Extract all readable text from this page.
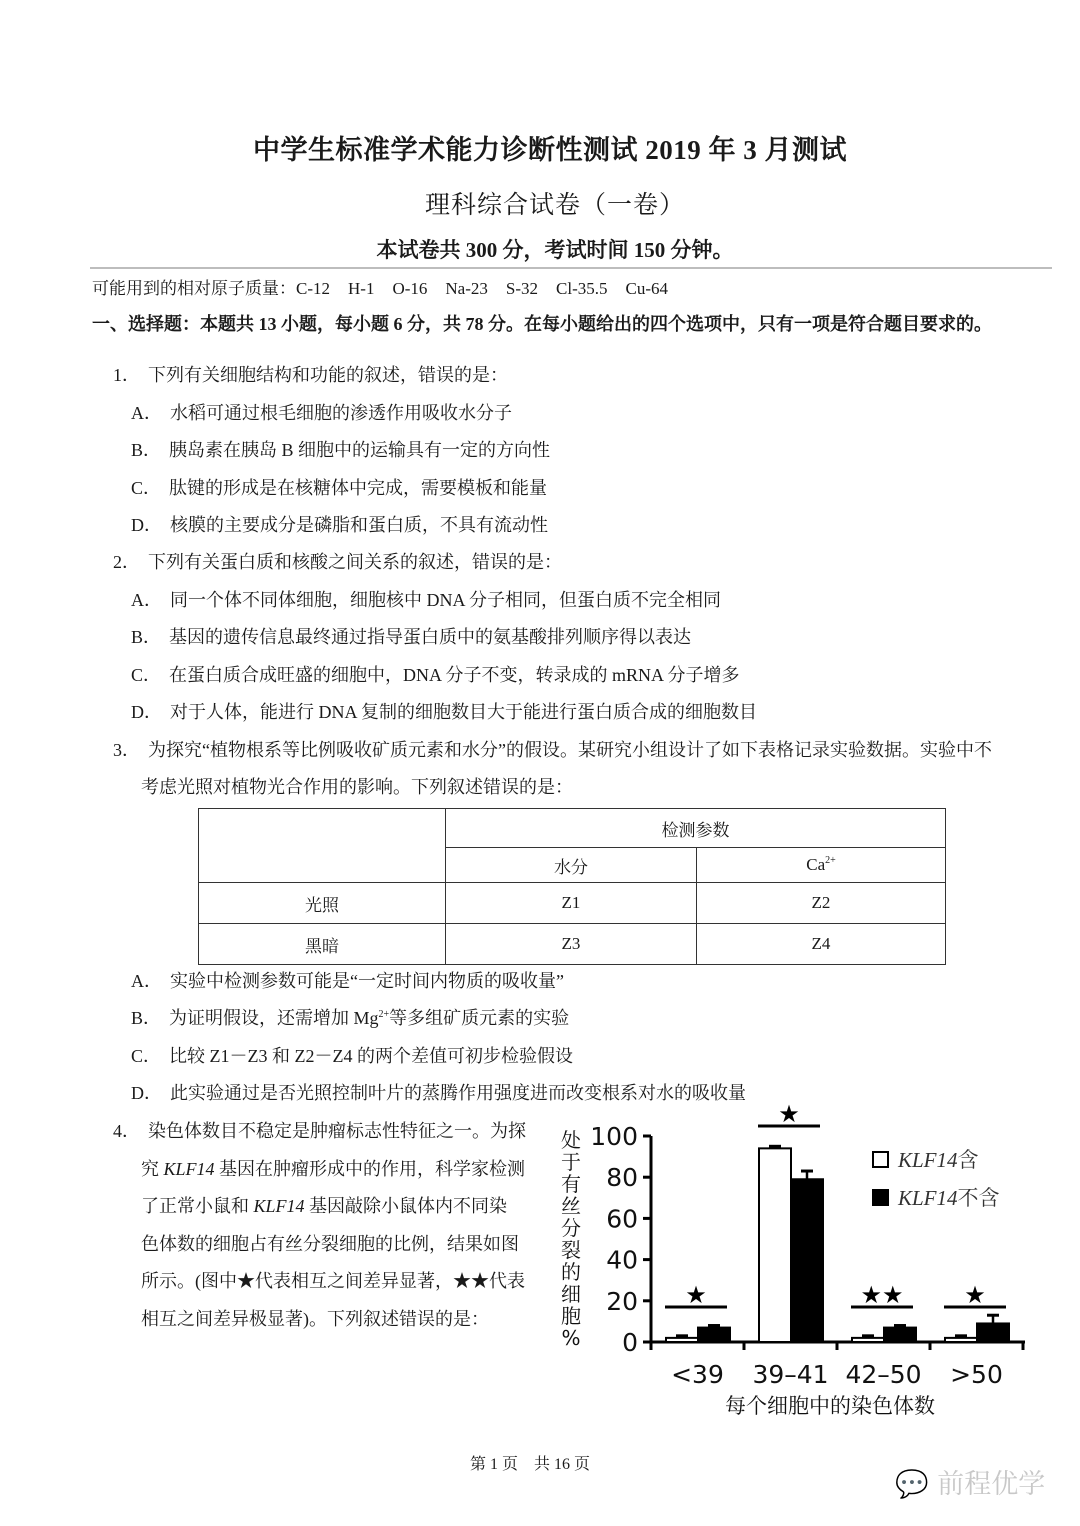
中学生标准学术能力诊断性测试 2019 年 3 月测试
理科综合试卷（一卷）
本试卷共 300 分，考试时间 150 分钟。
可能用到的相对原子质量：C-12 H-1 O-16 Na-23 S-32 Cl-35.5 Cu-64
一、选择题：本题共 13 小题，每小题 6 分，共 78 分。在每小题给出的四个选项中，只有一项是符合题目要求的。
1． 下列有关细胞结构和功能的叙述，错误的是：
A． 水稻可通过根毛细胞的渗透作用吸收水分子
B． 胰岛素在胰岛 B 细胞中的运输具有一定的方向性
C． 肽键的形成是在核糖体中完成，需要模板和能量
D． 核膜的主要成分是磷脂和蛋白质，不具有流动性
2． 下列有关蛋白质和核酸之间关系的叙述，错误的是：
A． 同一个体不同体细胞，细胞核中 DNA 分子相同，但蛋白质不完全相同
B． 基因的遗传信息最终通过指导蛋白质中的氨基酸排列顺序得以表达
C． 在蛋白质合成旺盛的细胞中，DNA 分子不变，转录成的 mRNA 分子增多
D． 对于人体，能进行 DNA 复制的细胞数目大于能进行蛋白质合成的细胞数目
3． 为探究“植物根系等比例吸收矿质元素和水分”的假设。某研究小组设计了如下表格记录实验数据。实验中不
考虑光照对植物光合作用的影响。下列叙述错误的是：
	检测参数	
	水分	$Ca^{2+}$
光照	Z1	Z2
黑暗	Z3	Z4
A． 实验中检测参数可能是“一定时间内物质的吸收量”
B． 为证明假设，还需增加 $Mg^{2+}$等多组矿质元素的实验
C． 比较 Z1－Z3 和 Z2－Z4 的两个差值可初步检验假设
D． 此实验通过是否光照控制叶片的蒸腾作用强度进而改变根系对水的吸收量
4． 染色体数目不稳定是肿瘤标志性特征之一。为探
究 KLF14 基因在肿瘤形成中的作用，科学家检测
了正常小鼠和 KLF14 基因敲除小鼠体内不同染
色体数的细胞占有丝分裂细胞的比例，结果如图
所示。(图中★代表相互之间差异显著，★★代表
相互之间差异极显著)。下列叙述错误的是：
处
于
有
丝
分
裂
的
细
胞
% 0
20
40
60
80
100
★
<39
★
39–41
★★
42–50
★
>50
每个细胞中的染色体数
KLF14含
KLF14不含
第 1 页　共 16 页
💬 前程优学
